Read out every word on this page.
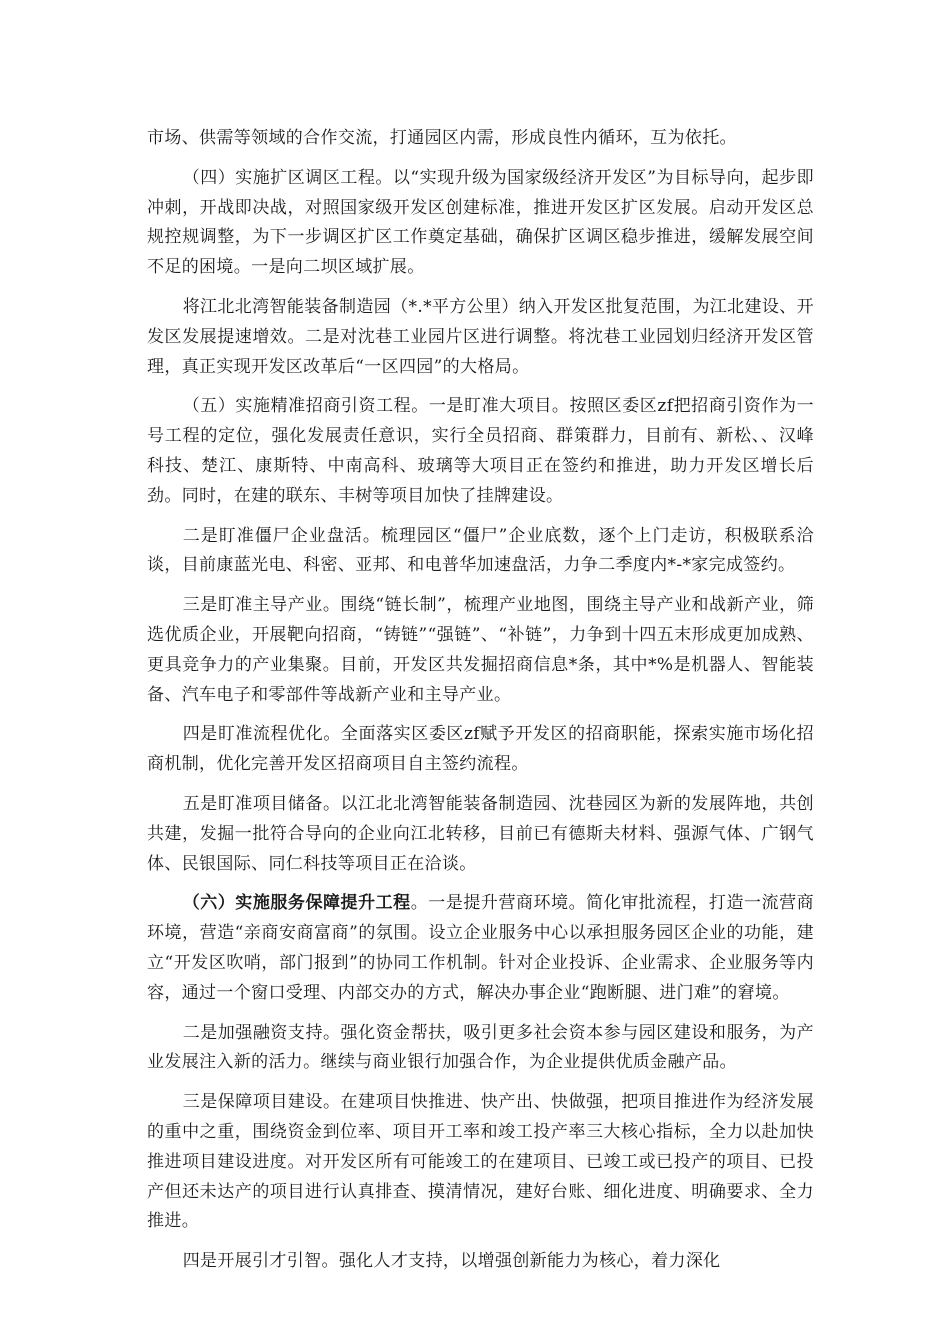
市场、供需等领域的合作交流，打通园区内需，形成良性内循环，互为依托。

（四）实施扩区调区工程。以“实现升级为国家级经济开发区”为目标导向，起步即冲刺，开战即决战，对照国家级开发区创建标准，推进开发区扩区发展。启动开发区总规控规调整，为下一步调区扩区工作奠定基础，确保扩区调区稳步推进，缓解发展空间不足的困境。一是向二坝区域扩展。

将江北北湾智能装备制造园（*.*平方公里）纳入开发区批复范围，为江北建设、开发区发展提速增效。二是对沈巷工业园片区进行调整。将沈巷工业园划归经济开发区管理，真正实现开发区改革后“一区四园”的大格局。

（五）实施精准招商引资工程。一是盯准大项目。按照区委区zf把招商引资作为一号工程的定位，强化发展责任意识，实行全员招商、群策群力，目前有、新松、、汉峰科技、楚江、康斯特、中南高科、玻璃等大项目正在签约和推进，助力开发区增长后劲。同时，在建的联东、丰树等项目加快了挂牌建设。

二是盯准僵尸企业盘活。梳理园区“僵尸”企业底数，逐个上门走访，积极联系洽谈，目前康蓝光电、科密、亚邦、和电普华加速盘活，力争二季度内*-*家完成签约。

三是盯准主导产业。围绕“链长制”，梳理产业地图，围绕主导产业和战新产业，筛选优质企业，开展靶向招商，“铸链”“强链”、“补链”，力争到十四五末形成更加成熟、更具竞争力的产业集聚。目前，开发区共发掘招商信息*条，其中*%是机器人、智能装备、汽车电子和零部件等战新产业和主导产业。

四是盯准流程优化。全面落实区委区zf赋予开发区的招商职能，探索实施市场化招商机制，优化完善开发区招商项目自主签约流程。

五是盯准项目储备。以江北北湾智能装备制造园、沈巷园区为新的发展阵地，共创共建，发掘一批符合导向的企业向江北转移，目前已有德斯夫材料、强源气体、广钢气体、民银国际、同仁科技等项目正在洽谈。

（六）实施服务保障提升工程。一是提升营商环境。简化审批流程，打造一流营商环境，营造“亲商安商富商”的氛围。设立企业服务中心以承担服务园区企业的功能，建立“开发区吹哨，部门报到”的协同工作机制。针对企业投诉、企业需求、企业服务等内容，通过一个窗口受理、内部交办的方式，解决办事企业“跑断腿、进门难”的窘境。

二是加强融资支持。强化资金帮扶，吸引更多社会资本参与园区建设和服务，为产业发展注入新的活力。继续与商业银行加强合作，为企业提供优质金融产品。

三是保障项目建设。在建项目快推进、快产出、快做强，把项目推进作为经济发展的重中之重，围绕资金到位率、项目开工率和竣工投产率三大核心指标，全力以赴加快推进项目建设进度。对开发区所有可能竣工的在建项目、已竣工或已投产的项目、已投产但还未达产的项目进行认真排查、摸清情况，建好台账、细化进度、明确要求、全力推进。

四是开展引才引智。强化人才支持，以增强创新能力为核心，着力深化
